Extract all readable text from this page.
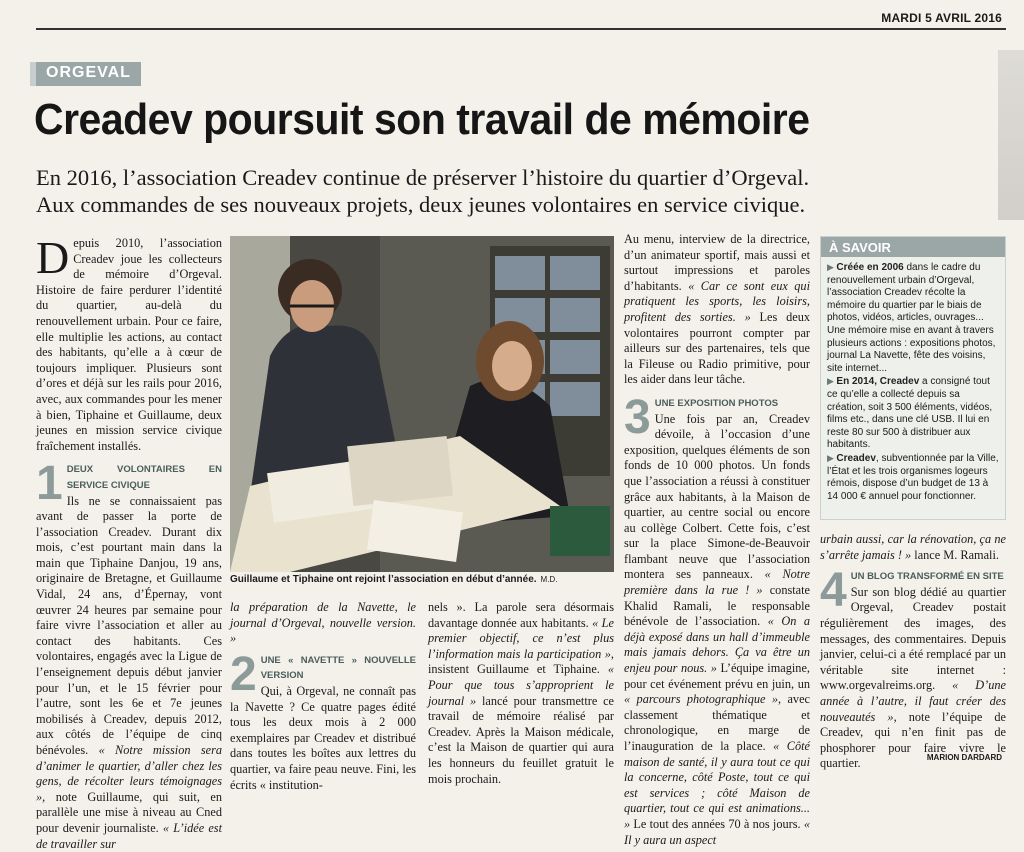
MARDI 5 AVRIL 2016
ORGEVAL
Creadev poursuit son travail de mémoire
En 2016, l’association Creadev continue de préserver l’histoire du quartier d’Orgeval.
Aux commandes de ses nouveaux projets, deux jeunes volontaires en service civique.
D epuis 2010, l’association Creadev joue les collecteurs de mémoire d’Orgeval. Histoire de faire perdurer l’identité du quartier, au-delà du renouvellement urbain. Pour ce faire, elle multiplie les actions, au contact des habitants, qu’elle a à cœur de toujours impliquer. Plusieurs sont d’ores et déjà sur les rails pour 2016, avec, aux commandes pour les mener à bien, Tiphaine et Guillaume, deux jeunes en mission service civique fraîchement installés.
1 DEUX VOLONTAIRES EN SERVICE CIVIQUE
Ils ne se connaissaient pas avant de passer la porte de l’association Creadev. Durant dix mois, c’est pourtant main dans la main que Tiphaine Danjou, 19 ans, originaire de Bretagne, et Guillaume Vidal, 24 ans, d’Épernay, vont œuvrer 24 heures par semaine pour faire vivre l’association et aller au contact des habitants. Ces volontaires, engagés avec la Ligue de l’enseignement depuis début janvier pour l’un, et le 15 février pour l’autre, sont les 6e et 7e jeunes mobilisés à Creadev, depuis 2012, aux côtés de l’équipe de cinq bénévoles. « Notre mission sera d’animer le quartier, d’aller chez les gens, de récolter leurs témoignages », note Guillaume, qui suit, en parallèle une mise à niveau au Cned pour devenir journaliste. « L’idée est de travailler sur
Guillaume et Tiphaine ont rejoint l’association en début d’année. M.D.
la préparation de la Navette, le journal d’Orgeval, nouvelle version. »
2 UNE « NAVETTE » NOUVELLE VERSION
Qui, à Orgeval, ne connaît pas la Navette ? Ce quatre pages édité tous les deux mois à 2 000 exemplaires par Creadev et distribué dans toutes les boîtes aux lettres du quartier, va faire peau neuve. Fini, les écrits « institution-
nels ». La parole sera désormais davantage donnée aux habitants. « Le premier objectif, ce n’est plus l’information mais la participation », insistent Guillaume et Tiphaine. « Pour que tous s’approprient le journal » lancé pour transmettre ce travail de mémoire réalisé par Creadev. Après la Maison médicale, c’est la Maison de quartier qui aura les honneurs du feuillet gratuit le mois prochain.
Au menu, interview de la directrice, d’un animateur sportif, mais aussi et surtout impressions et paroles d’habitants. « Car ce sont eux qui pratiquent les sports, les loisirs, profitent des sorties. » Les deux volontaires pourront compter par ailleurs sur des partenaires, tels que la Fileuse ou Radio primitive, pour les aider dans leur tâche.
3 UNE EXPOSITION PHOTOS
Une fois par an, Creadev dévoile, à l’occasion d’une exposition, quelques éléments de son fonds de 10 000 photos. Un fonds que l’association a réussi à constituer grâce aux habitants, à la Maison de quartier, au centre social ou encore au collège Colbert. Cette fois, c’est sur la place Simone-de-Beauvoir flambant neuve que l’association montera ses panneaux. « Notre première dans la rue ! » constate Khalid Ramali, le responsable bénévole de l’association. « On a déjà exposé dans un hall d’immeuble mais jamais dehors. Ça va être un enjeu pour nous. » L’équipe imagine, pour cet événement prévu en juin, un « parcours photographique », avec classement thématique et chronologique, en marge de l’inauguration de la place. « Côté maison de santé, il y aura tout ce qui la concerne, côté Poste, tout ce qui est services ; côté Maison de quartier, tout ce qui est animations... » Le tout des années 70 à nos jours. « Il y aura un aspect
À SAVOIR

▶ Créée en 2006 dans le cadre du renouvellement urbain d’Orgeval, l’association Creadev récolte la mémoire du quartier par le biais de photos, vidéos, articles, ouvrages... Une mémoire mise en avant à travers plusieurs actions : expositions photos, journal La Navette, fête des voisins, site internet...

▶ En 2014, Creadev a consigné tout ce qu’elle a collecté depuis sa création, soit 3 500 éléments, vidéos, films etc., dans une clé USB. Il lui en reste 80 sur 500 à distribuer aux habitants.

▶ Creadev, subventionnée par la Ville, l’État et les trois organismes logeurs rémois, dispose d’un budget de 13 à 14 000 € annuel pour fonctionner.

urbain aussi, car la rénovation, ça ne s’arrête jamais ! » lance M. Ramali.
4 UN BLOG TRANSFORMÉ EN SITE
Sur son blog dédié au quartier Orgeval, Creadev postait régulièrement des images, des messages, des commentaires. Depuis janvier, celui-ci a été remplacé par un véritable site internet : www.orgevalreims.org. « D’une année à l’autre, il faut créer des nouveautés », note l’équipe de Creadev, qui n’en finit pas de phosphorer pour faire vivre le quartier.	MARION DARDARD
